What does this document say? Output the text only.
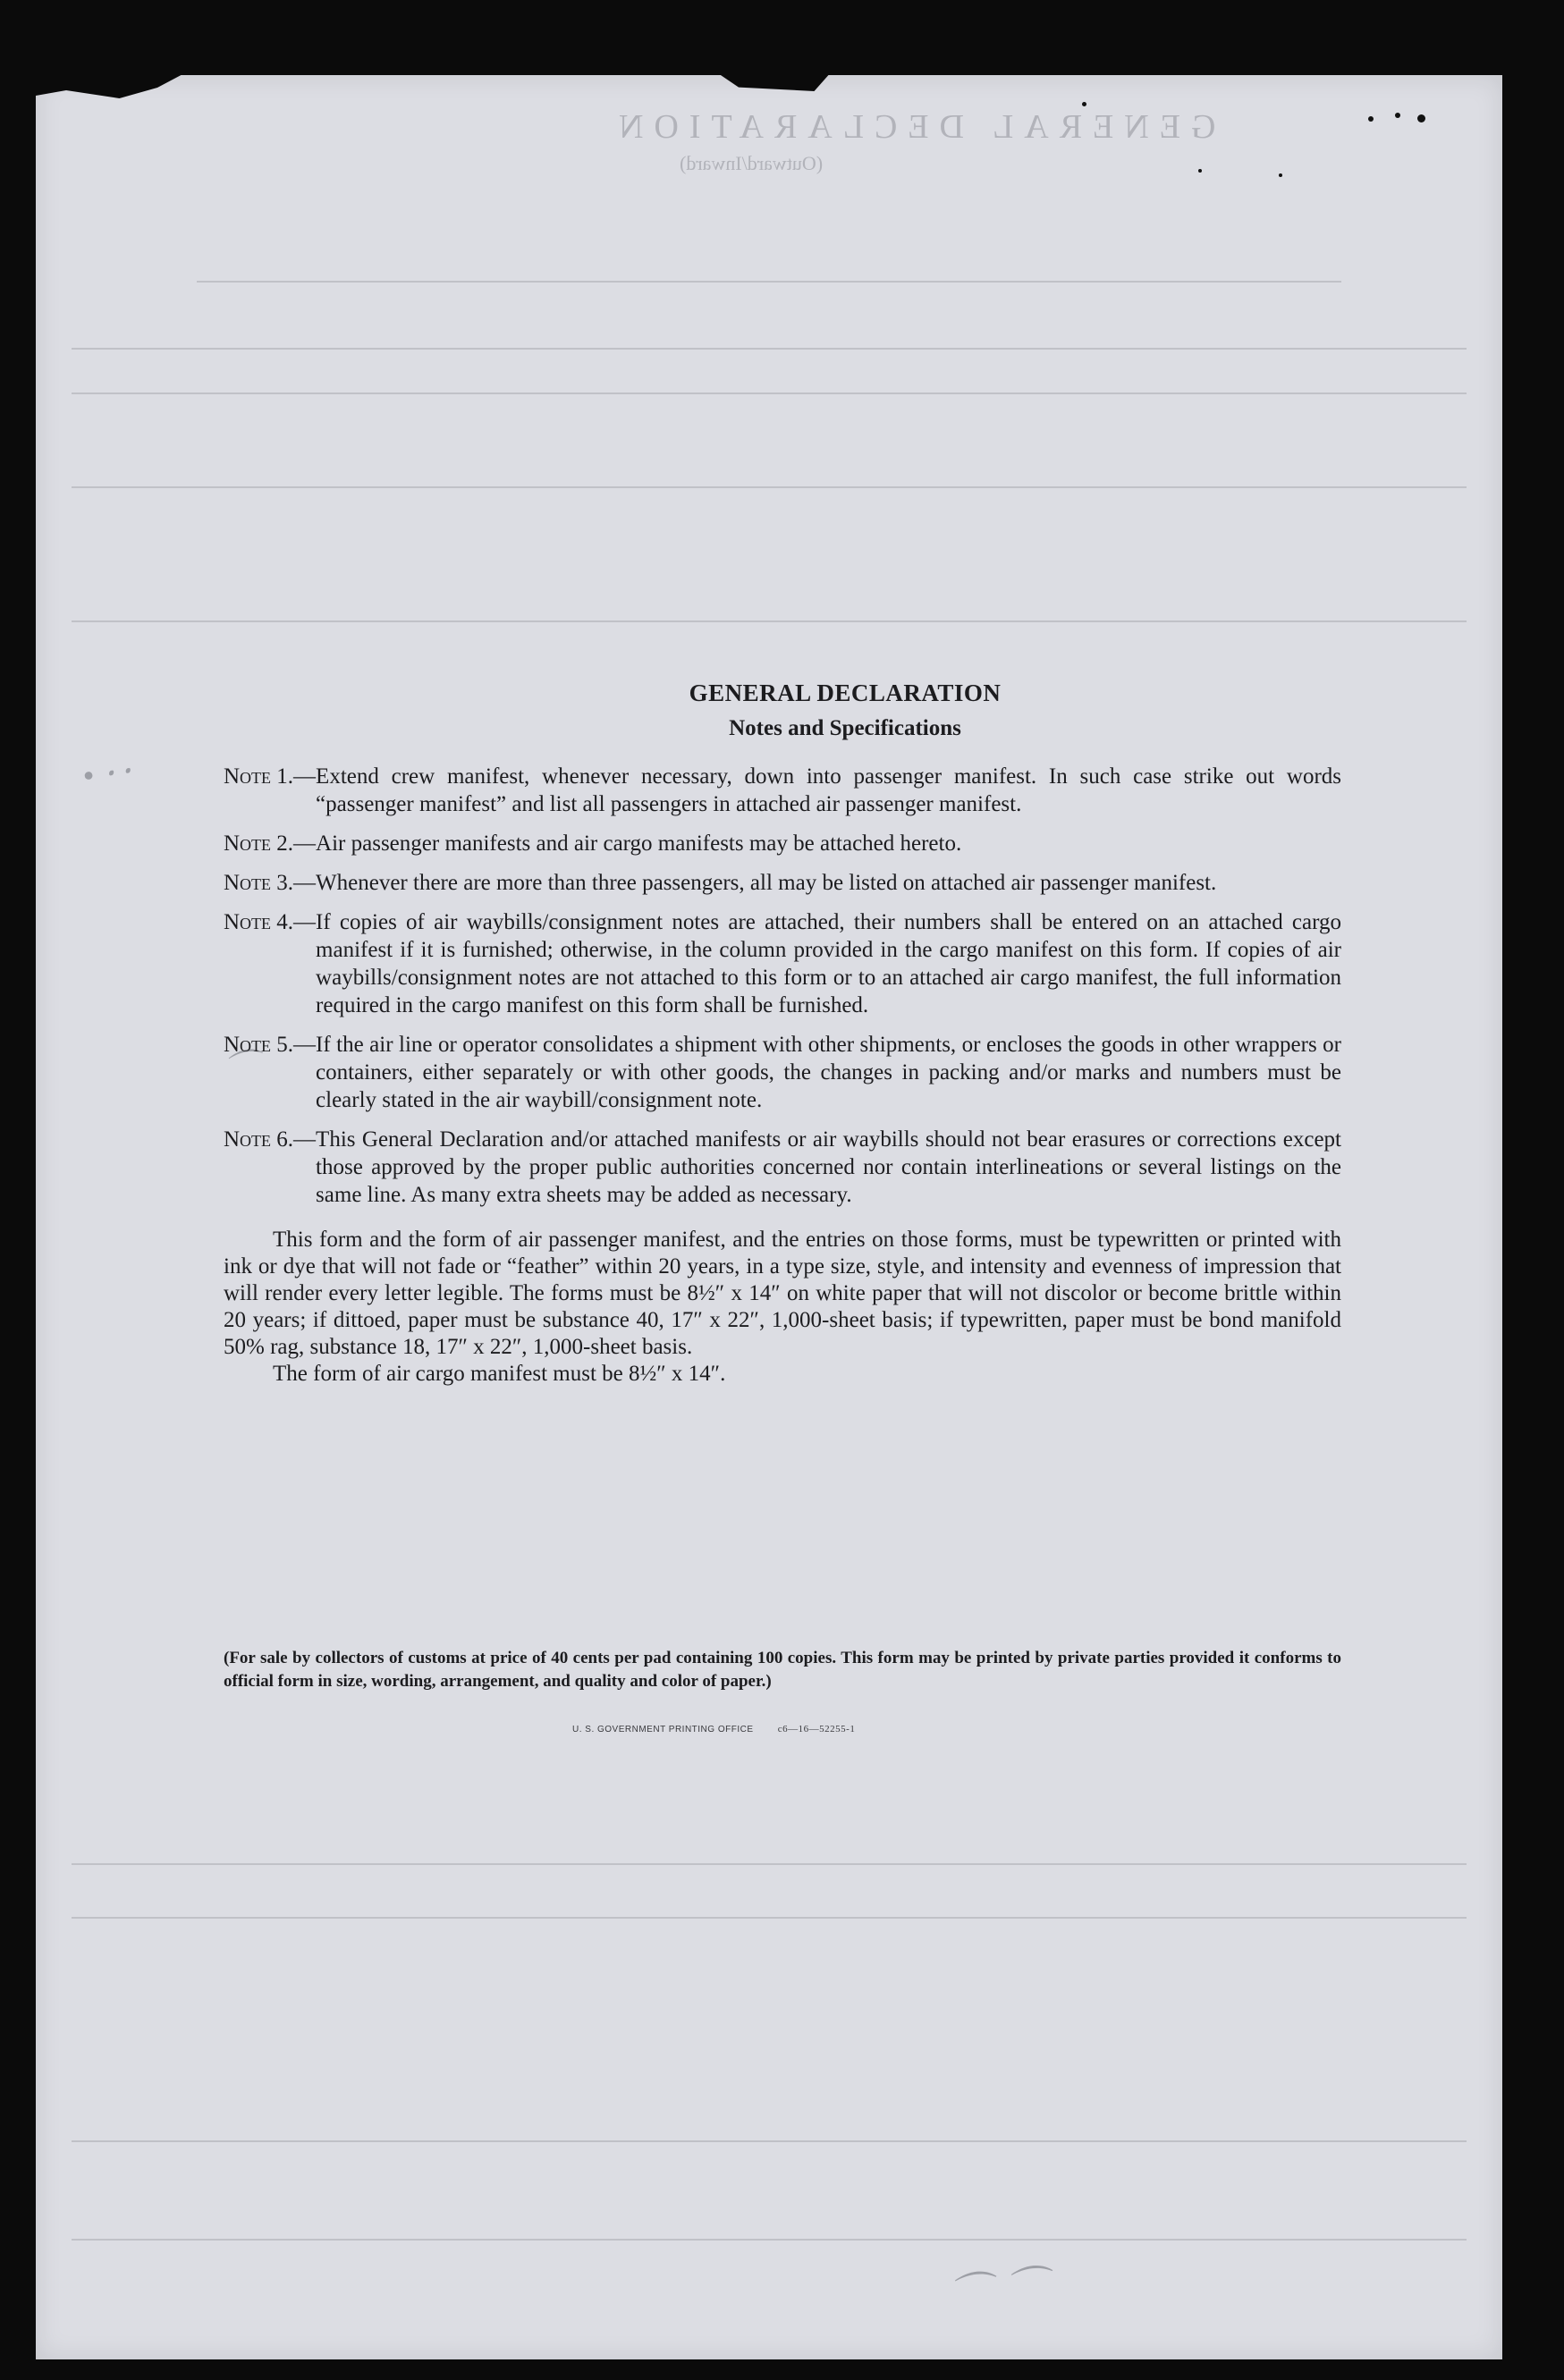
GENERAL DECLARATION
(Outward/Inward)
• ꞏ ꞏ
⌒
⌒ ⌒
GENERAL DECLARATION
Notes and Specifications
Note 1.— Extend crew manifest, whenever necessary, down into passenger manifest. In such case strike out words “passenger manifest” and list all passengers in attached air passenger manifest.
Note 2.— Air passenger manifests and air cargo manifests may be attached hereto.
Note 3.— Whenever there are more than three passengers, all may be listed on attached air passenger manifest.
Note 4.— If copies of air waybills/consignment notes are attached, their numbers shall be entered on an attached cargo manifest if it is furnished; otherwise, in the column provided in the cargo manifest on this form. If copies of air waybills/consignment notes are not attached to this form or to an attached air cargo manifest, the full information required in the cargo manifest on this form shall be furnished.
Note 5.— If the air line or operator consolidates a shipment with other shipments, or encloses the goods in other wrappers or containers, either separately or with other goods, the changes in packing and/or marks and numbers must be clearly stated in the air waybill/consignment note.
Note 6.— This General Declaration and/or attached manifests or air waybills should not bear erasures or corrections except those approved by the proper public authorities concerned nor contain interlineations or several listings on the same line. As many extra sheets may be added as necessary.

This form and the form of air passenger manifest, and the entries on those forms, must be typewritten or printed with ink or dye that will not fade or “feather” within 20 years, in a type size, style, and intensity and evenness of impression that will render every letter legible. The forms must be 8½″ x 14″ on white paper that will not discolor or become brittle within 20 years; if dittoed, paper must be substance 40, 17″ x 22″, 1,000-sheet basis; if typewritten, paper must be bond manifold 50% rag, substance 18, 17″ x 22″, 1,000-sheet basis.

The form of air cargo manifest must be 8½″ x 14″.

(For sale by collectors of customs at price of 40 cents per pad containing 100 copies. This form may be printed by private parties provided it conforms to official form in size, wording, arrangement, and quality and color of paper.)
U. S. GOVERNMENT PRINTING OFFICE c6—16—52255-1
